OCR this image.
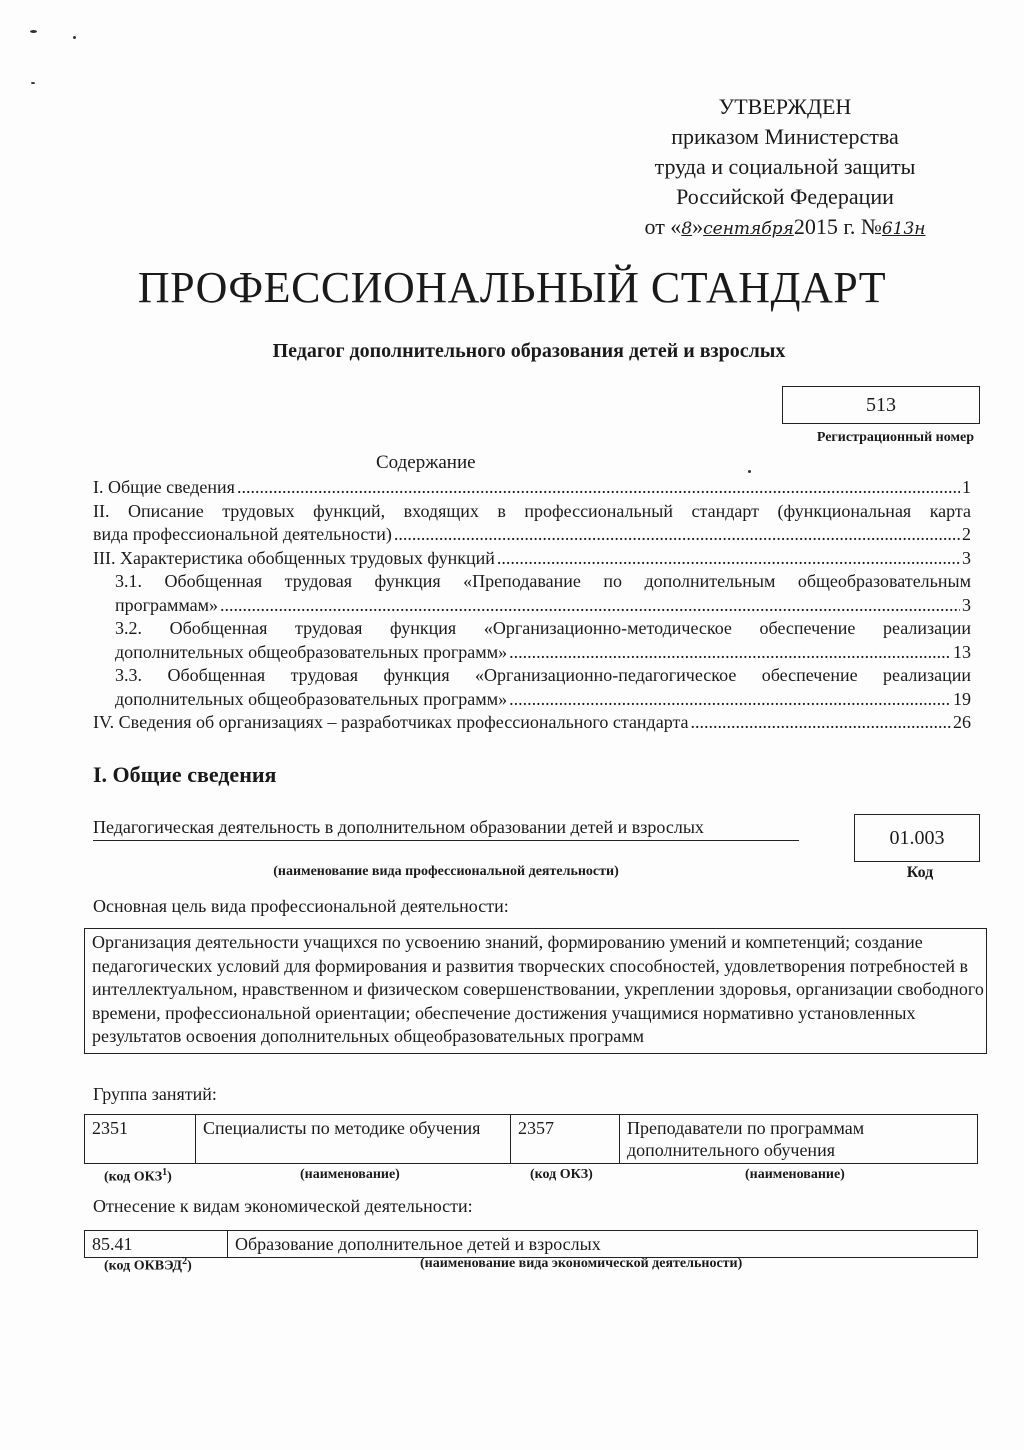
УТВЕРЖДЕН
приказом Министерства
труда и социальной защиты
Российской Федерации
от «8»сентября2015 г. №613н
ПРОФЕССИОНАЛЬНЫЙ СТАНДАРТ
Педагог дополнительного образования детей и взрослых
513
Регистрационный номер
Содержание
I. Общие сведения .....	1
II. Описание трудовых функций, входящих в профессиональный стандарт (функциональная карта
вида профессиональной деятельности) .....	2
III. Характеристика обобщенных трудовых функций .....	3
3.1. Обобщенная трудовая функция «Преподавание по дополнительным общеобразовательным
программам» .....	3
3.2. Обобщенная трудовая функция «Организационно-методическое обеспечение реализации
дополнительных общеобразовательных программ» .....	13
3.3. Обобщенная трудовая функция «Организационно-педагогическое обеспечение реализации
дополнительных общеобразовательных программ» .....	19
IV. Сведения об организациях – разработчиках профессионального стандарта .....	26
I. Общие сведения
Педагогическая деятельность в дополнительном образовании детей и взрослых
(наименование вида профессиональной деятельности)
01.003
Код
Основная цель вида профессиональной деятельности:
Организация деятельности учащихся по усвоению знаний, формированию умений и компетенций; создание педагогических условий для формирования и развития творческих способностей, удовлетворения потребностей в интеллектуальном, нравственном и физическом совершенствовании, укреплении здоровья, организации свободного времени, профессиональной ориентации; обеспечение достижения учащимися нормативно установленных результатов освоения дополнительных общеобразовательных программ
Группа занятий:
2351	Специалисты по методике обучения	2357	Преподаватели по программам дополнительного обучения
(код ОКЗ$^1$)	(наименование)	(код ОКЗ)	(наименование)
Отнесение к видам экономической деятельности:
85.41	Образование дополнительное детей и взрослых
(код ОКВЭД$^2$)	(наименование вида экономической деятельности)
